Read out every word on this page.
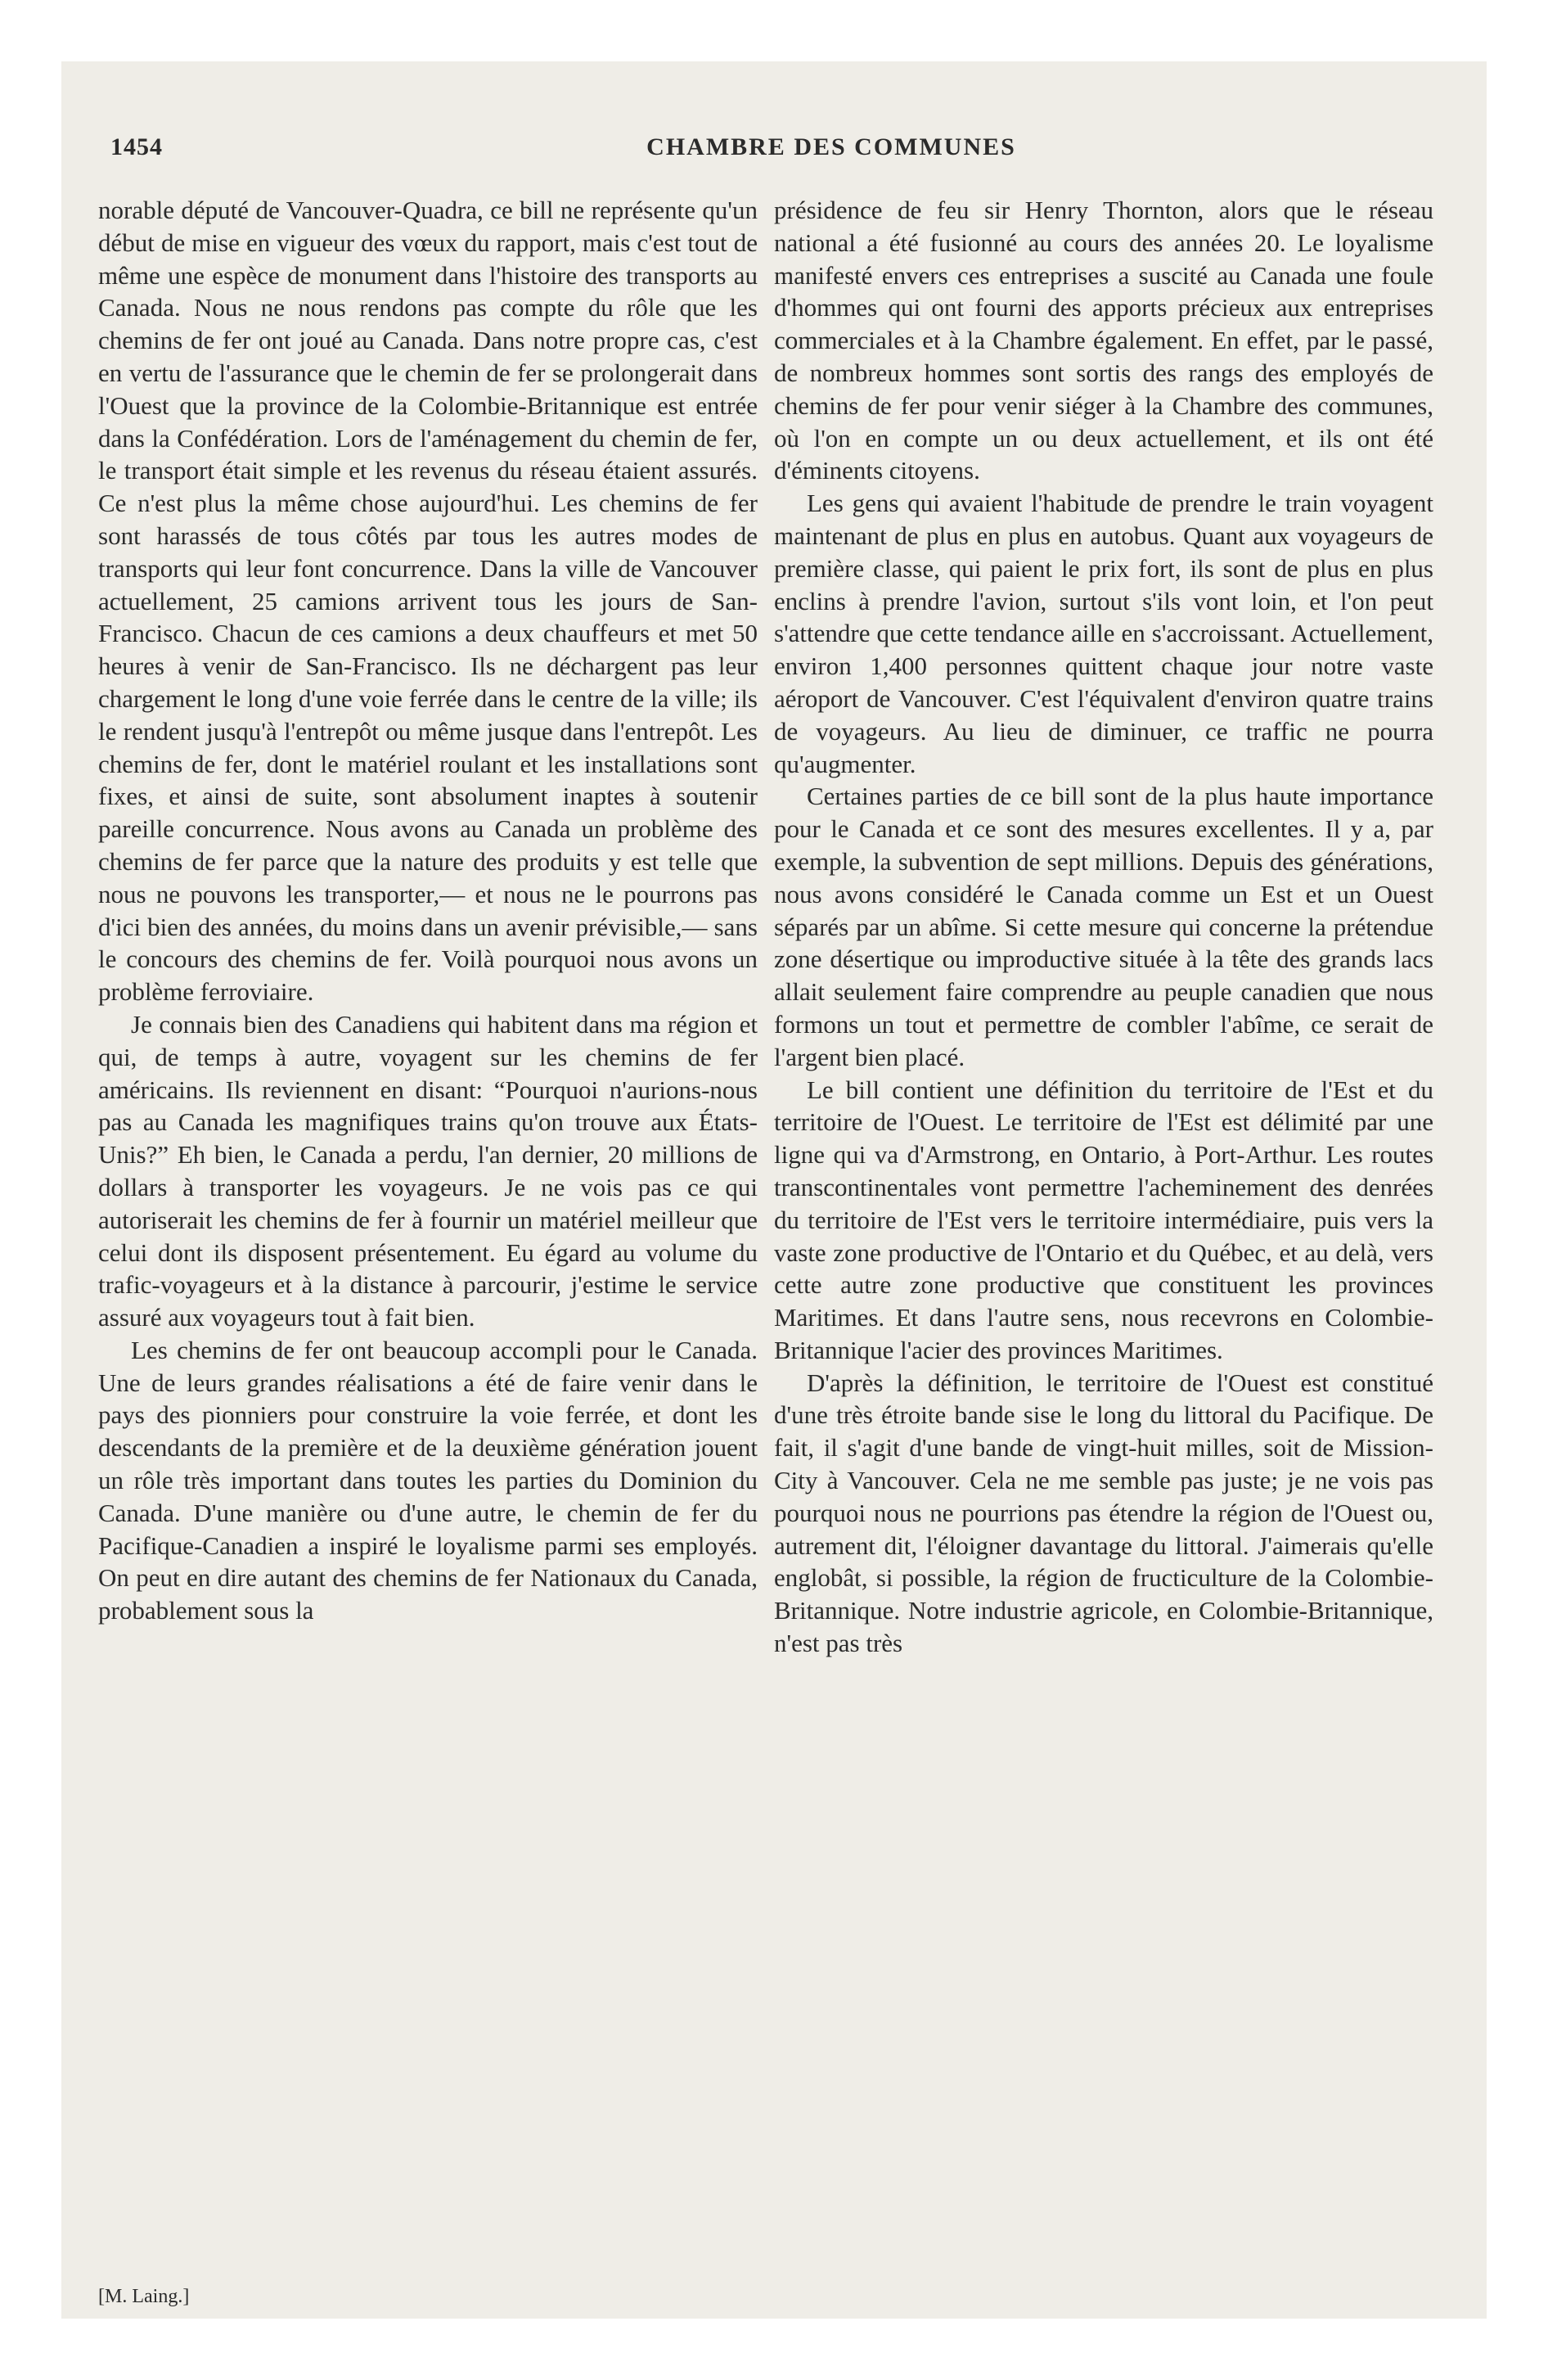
1454	CHAMBRE DES COMMUNES

norable député de Vancouver-Quadra, ce bill ne représente qu'un début de mise en vigueur des vœux du rapport, mais c'est tout de même une espèce de monument dans l'histoire des transports au Canada. Nous ne nous rendons pas compte du rôle que les chemins de fer ont joué au Canada. Dans notre propre cas, c'est en vertu de l'assurance que le chemin de fer se prolongerait dans l'Ouest que la province de la Colombie-Britannique est entrée dans la Confédération. Lors de l'aménagement du chemin de fer, le transport était simple et les revenus du réseau étaient assurés. Ce n'est plus la même chose aujourd'hui. Les chemins de fer sont harassés de tous côtés par tous les autres modes de transports qui leur font concurrence. Dans la ville de Vancouver actuellement, 25 camions arrivent tous les jours de San-Francisco. Chacun de ces camions a deux chauffeurs et met 50 heures à venir de San-Francisco. Ils ne déchargent pas leur chargement le long d'une voie ferrée dans le centre de la ville; ils le rendent jusqu'à l'entrepôt ou même jusque dans l'entrepôt. Les chemins de fer, dont le matériel roulant et les installations sont fixes, et ainsi de suite, sont absolument inaptes à soutenir pareille concurrence. Nous avons au Canada un problème des chemins de fer parce que la nature des produits y est telle que nous ne pouvons les transporter,— et nous ne le pourrons pas d'ici bien des années, du moins dans un avenir prévisible,— sans le concours des chemins de fer. Voilà pourquoi nous avons un problème ferroviaire.

Je connais bien des Canadiens qui habitent dans ma région et qui, de temps à autre, voyagent sur les chemins de fer américains. Ils reviennent en disant: “Pourquoi n'aurions-nous pas au Canada les magnifiques trains qu'on trouve aux États-Unis?” Eh bien, le Canada a perdu, l'an dernier, 20 millions de dollars à transporter les voyageurs. Je ne vois pas ce qui autoriserait les chemins de fer à fournir un matériel meilleur que celui dont ils disposent présentement. Eu égard au volume du trafic-voyageurs et à la distance à parcourir, j'estime le service assuré aux voyageurs tout à fait bien.

Les chemins de fer ont beaucoup accompli pour le Canada. Une de leurs grandes réalisations a été de faire venir dans le pays des pionniers pour construire la voie ferrée, et dont les descendants de la première et de la deuxième génération jouent un rôle très important dans toutes les parties du Dominion du Canada. D'une manière ou d'une autre, le chemin de fer du Pacifique-Canadien a inspiré le loyalisme parmi ses employés. On peut en dire autant des chemins de fer Nationaux du Canada, probablement sous la

présidence de feu sir Henry Thornton, alors que le réseau national a été fusionné au cours des années 20. Le loyalisme manifesté envers ces entreprises a suscité au Canada une foule d'hommes qui ont fourni des apports précieux aux entreprises commerciales et à la Chambre également. En effet, par le passé, de nombreux hommes sont sortis des rangs des employés de chemins de fer pour venir siéger à la Chambre des communes, où l'on en compte un ou deux actuellement, et ils ont été d'éminents citoyens.

Les gens qui avaient l'habitude de prendre le train voyagent maintenant de plus en plus en autobus. Quant aux voyageurs de première classe, qui paient le prix fort, ils sont de plus en plus enclins à prendre l'avion, surtout s'ils vont loin, et l'on peut s'attendre que cette tendance aille en s'accroissant. Actuellement, environ 1,400 personnes quittent chaque jour notre vaste aéroport de Vancouver. C'est l'équivalent d'environ quatre trains de voyageurs. Au lieu de diminuer, ce traffic ne pourra qu'augmenter.

Certaines parties de ce bill sont de la plus haute importance pour le Canada et ce sont des mesures excellentes. Il y a, par exemple, la subvention de sept millions. Depuis des générations, nous avons considéré le Canada comme un Est et un Ouest séparés par un abîme. Si cette mesure qui concerne la prétendue zone désertique ou improductive située à la tête des grands lacs allait seulement faire comprendre au peuple canadien que nous formons un tout et permettre de combler l'abîme, ce serait de l'argent bien placé.

Le bill contient une définition du territoire de l'Est et du territoire de l'Ouest. Le territoire de l'Est est délimité par une ligne qui va d'Armstrong, en Ontario, à Port-Arthur. Les routes transcontinentales vont permettre l'acheminement des denrées du territoire de l'Est vers le territoire intermédiaire, puis vers la vaste zone productive de l'Ontario et du Québec, et au delà, vers cette autre zone productive que constituent les provinces Maritimes. Et dans l'autre sens, nous recevrons en Colombie-Britannique l'acier des provinces Maritimes.

D'après la définition, le territoire de l'Ouest est constitué d'une très étroite bande sise le long du littoral du Pacifique. De fait, il s'agit d'une bande de vingt-huit milles, soit de Mission-City à Vancouver. Cela ne me semble pas juste; je ne vois pas pourquoi nous ne pourrions pas étendre la région de l'Ouest ou, autrement dit, l'éloigner davantage du littoral. J'aimerais qu'elle englobât, si possible, la région de fructiculture de la Colombie-Britannique. Notre industrie agricole, en Colombie-Britannique, n'est pas très

[M. Laing.]
